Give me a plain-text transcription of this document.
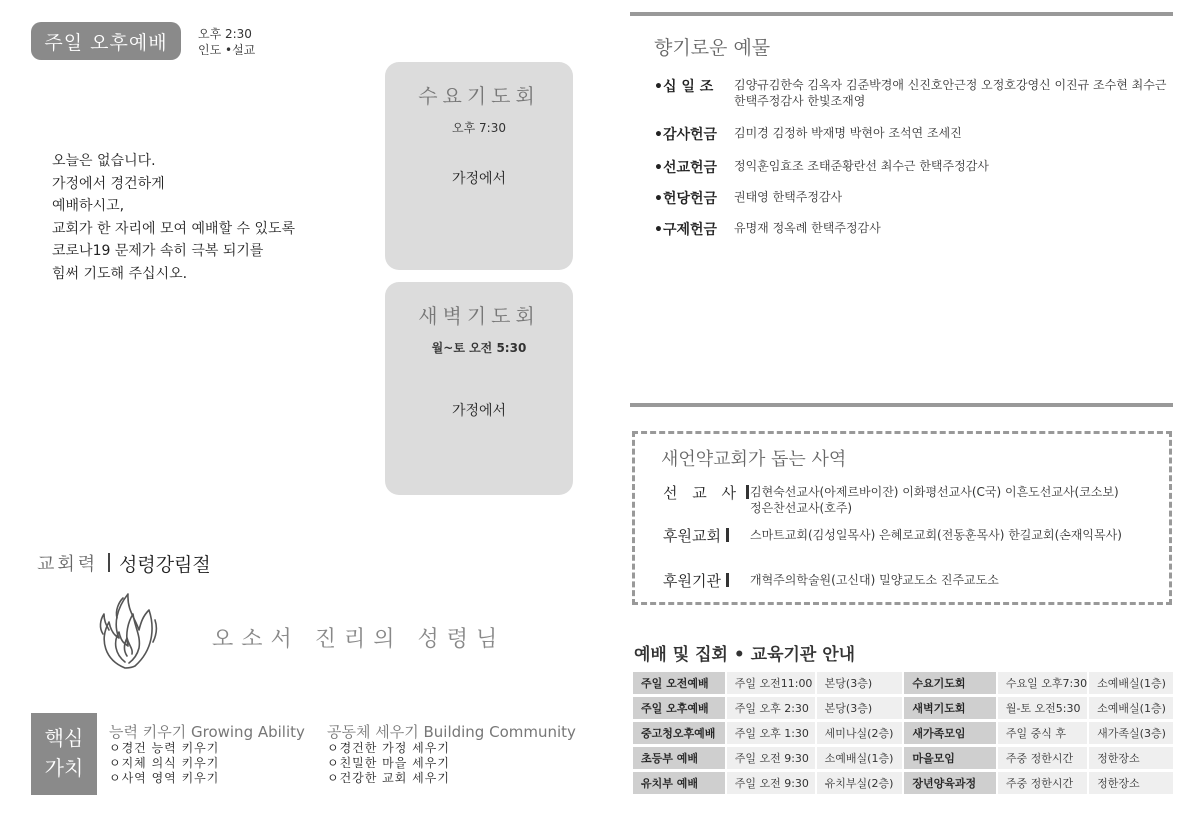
주일 오후예배	오후 2:30
인도 •설교
오늘은 없습니다.
가정에서 경건하게
예배하시고,
교회가 한 자리에 모여 예배할 수 있도록
코로나19 문제가 속히 극복 되기를
힘써 기도해 주십시오.
수요기도회
오후 7:30
가정에서
새벽기도회
월~토 오전 5:30
가정에서
교회력 성령강림절
오소서 진리의 성령님
핵심
가치
능력 키우기 Growing Ability
ㅇ경건 능력 키우기
ㅇ지체 의식 키우기
ㅇ사역 영역 키우기
공동체 세우기 Building Community
ㅇ경건한 가정 세우기
ㅇ친밀한 마을 세우기
ㅇ건강한 교회 세우기
향기로운 예물
•십 일 조	김양규김한숙 김옥자 김준박경애 신진호안근정 오정호강영신 이진규 조수현 최수근 한택주정감사 한빛조재영
•감사헌금	김미경 김정하 박재명 박현아 조석연 조세진
•선교헌금	정익훈임효조 조태준황란선 최수근 한택주정감사
•헌당헌금	권태영 한택주정감사
•구제헌금	유명재 정옥례 한택주정감사
새언약교회가 돕는 사역
선 교 사 김현숙선교사(아제르바이잔) 이화평선교사(C국) 이흔도선교사(코소보) 정은찬선교사(호주)
후원교회 스마트교회(김성일목사) 은혜로교회(전동훈목사) 한길교회(손재익목사)
후원기관 개혁주의학술원(고신대) 밀양교도소 진주교도소
예배 및 집회 • 교육기관 안내
주일 오전예배	주일 오전11:00	본당(3층)	수요기도회	수요일 오후7:30	소예배실(1층)
주일 오후예배	주일 오후 2:30	본당(3층)	새벽기도회	월-토 오전5:30	소예배실(1층)
중고청오후예배	주일 오후 1:30	세미나실(2층)	새가족모임	주일 중식 후	새가족실(3층)
초등부 예배	주일 오전 9:30	소예배실(1층)	마을모임	주중 정한시간	정한장소
유치부 예배	주일 오전 9:30	유치부실(2층)	장년양육과정	주중 정한시간	정한장소
